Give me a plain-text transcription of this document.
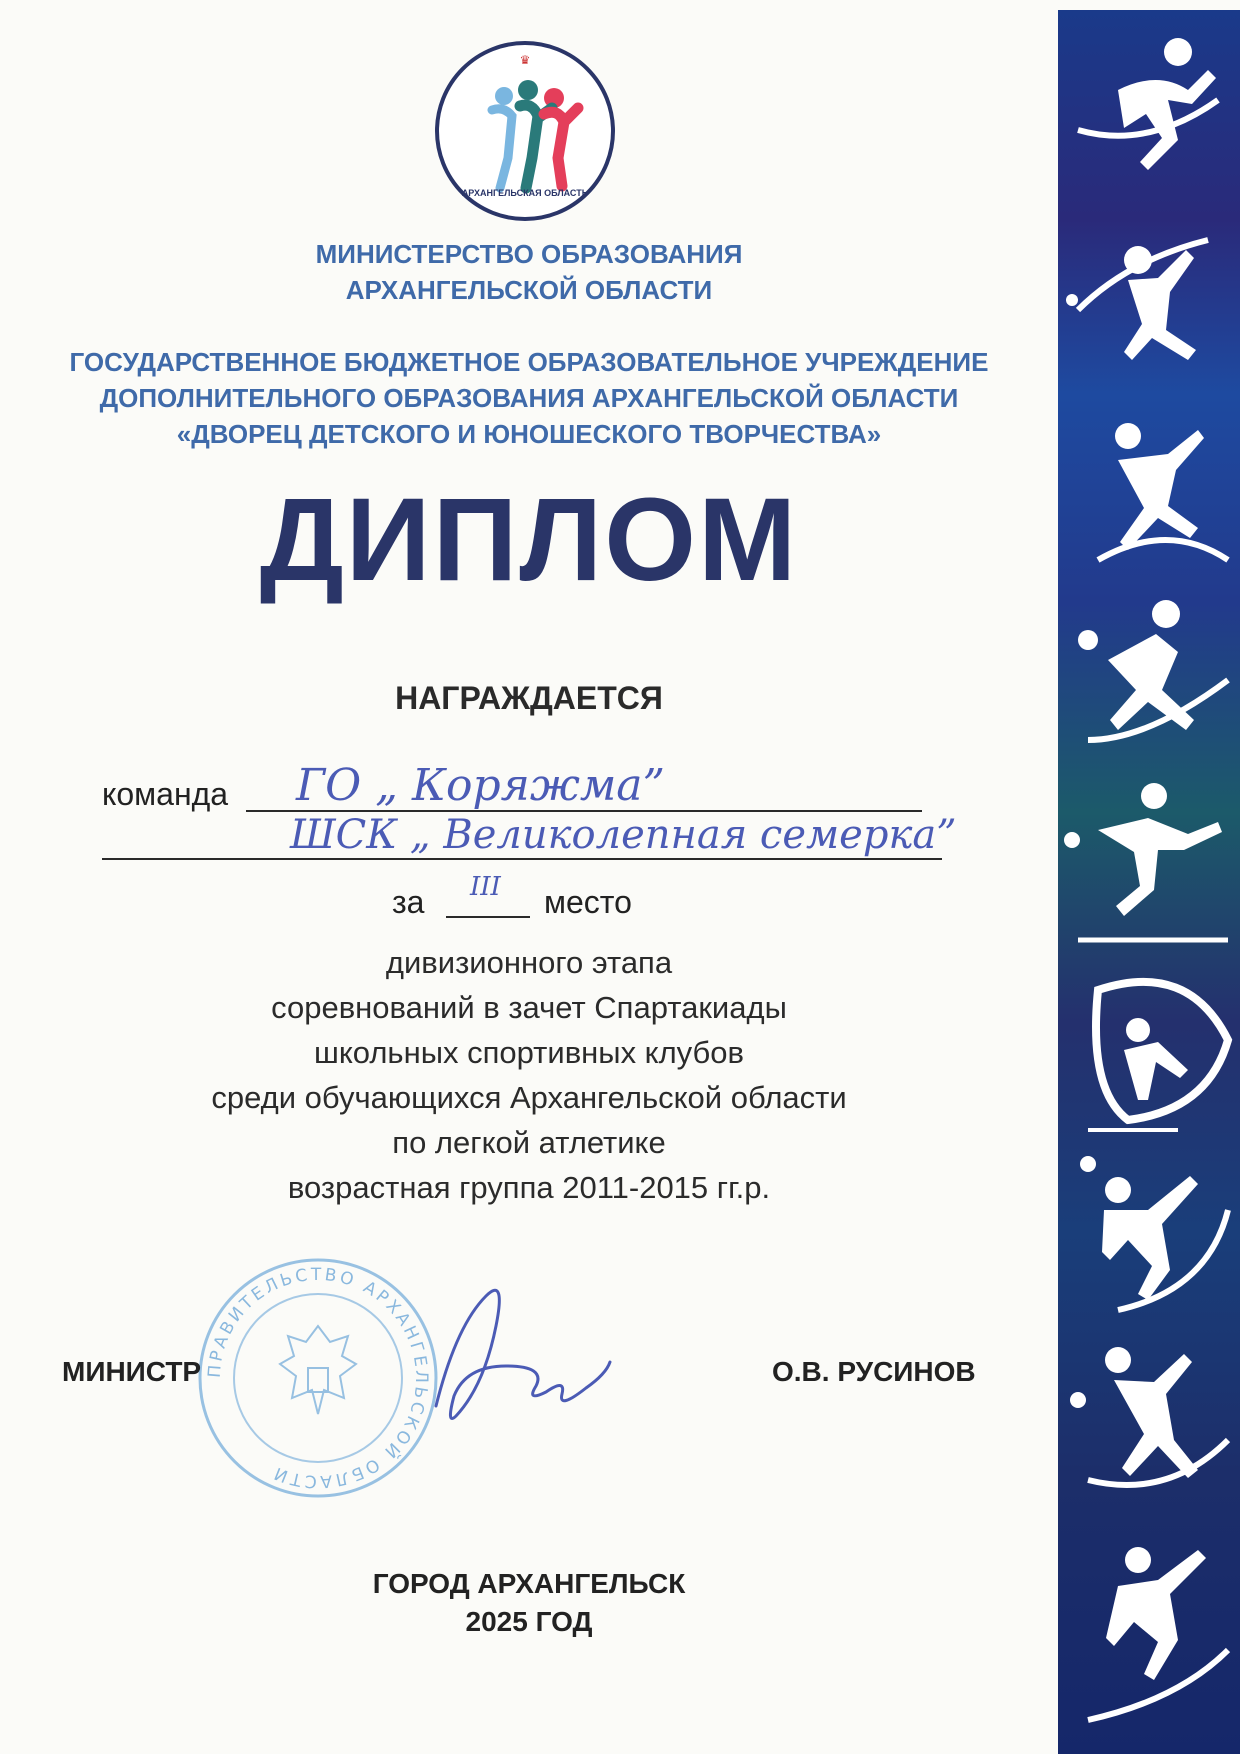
♛
АРХАНГЕЛЬСКАЯ ОБЛАСТЬ
МИНИСТЕРСТВО ОБРАЗОВАНИЯ
АРХАНГЕЛЬСКОЙ ОБЛАСТИ
ГОСУДАРСТВЕННОЕ БЮДЖЕТНОЕ ОБРАЗОВАТЕЛЬНОЕ УЧРЕЖДЕНИЕ
ДОПОЛНИТЕЛЬНОГО ОБРАЗОВАНИЯ АРХАНГЕЛЬСКОЙ ОБЛАСТИ
«ДВОРЕЦ ДЕТСКОГО И ЮНОШЕСКОГО ТВОРЧЕСТВА»
ДИПЛОМ
НАГРАЖДАЕТСЯ
команда ГО „ Коряжма”
ШСК „ Великолепная семерка”
за III место
дивизионного этапа
соревнований в зачет Спартакиады
школьных спортивных клубов
среди обучающихся Архангельской области
по легкой атлетике
возрастная группа 2011-2015 гг.р.
ПРАВИТЕЛЬСТВО АРХАНГЕЛЬСКОЙ ОБЛАСТИ
МИНИСТР	О.В. РУСИНОВ
ГОРОД АРХАНГЕЛЬСК
2025 ГОД
